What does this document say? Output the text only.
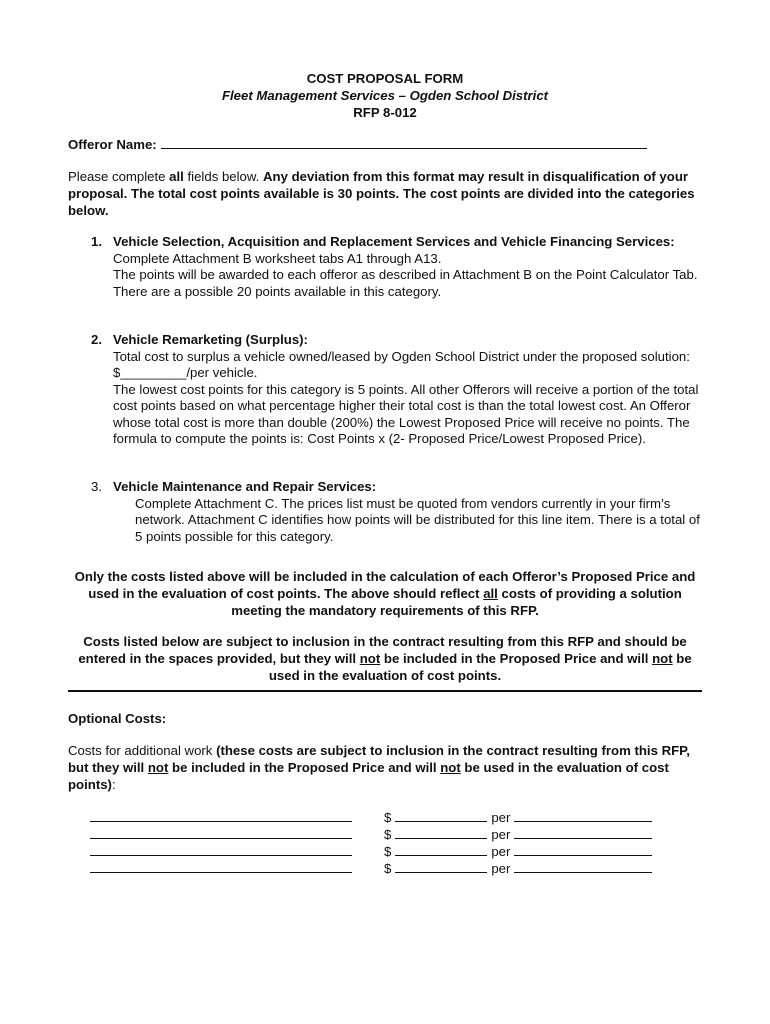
COST PROPOSAL FORM
Fleet Management Services – Ogden School District
RFP 8-012
Offeror Name:
Please complete all fields below. Any deviation from this format may result in disqualification of your proposal. The total cost points available is 30 points. The cost points are divided into the categories below.
1. Vehicle Selection, Acquisition and Replacement Services and Vehicle Financing Services:
Complete Attachment B worksheet tabs A1 through A13.
The points will be awarded to each offeror as described in Attachment B on the Point Calculator Tab. There are a possible 20 points available in this category.
2. Vehicle Remarketing (Surplus):
Total cost to surplus a vehicle owned/leased by Ogden School District under the proposed solution: $_________/per vehicle.
The lowest cost points for this category is 5 points. All other Offerors will receive a portion of the total cost points based on what percentage higher their total cost is than the total lowest cost. An Offeror whose total cost is more than double (200%) the Lowest Proposed Price will receive no points. The formula to compute the points is: Cost Points x (2- Proposed Price/Lowest Proposed Price).
3. Vehicle Maintenance and Repair Services:
Complete Attachment C. The prices list must be quoted from vendors currently in your firm’s network. Attachment C identifies how points will be distributed for this line item. There is a total of 5 points possible for this category.
Only the costs listed above will be included in the calculation of each Offeror’s Proposed Price and used in the evaluation of cost points. The above should reflect all costs of providing a solution meeting the mandatory requirements of this RFP.
Costs listed below are subject to inclusion in the contract resulting from this RFP and should be entered in the spaces provided, but they will not be included in the Proposed Price and will not be used in the evaluation of cost points.
Optional Costs:
Costs for additional work (these costs are subject to inclusion in the contract resulting from this RFP, but they will not be included in the Proposed Price and will not be used in the evaluation of cost points):
$	per
$	per
$	per
$	per
